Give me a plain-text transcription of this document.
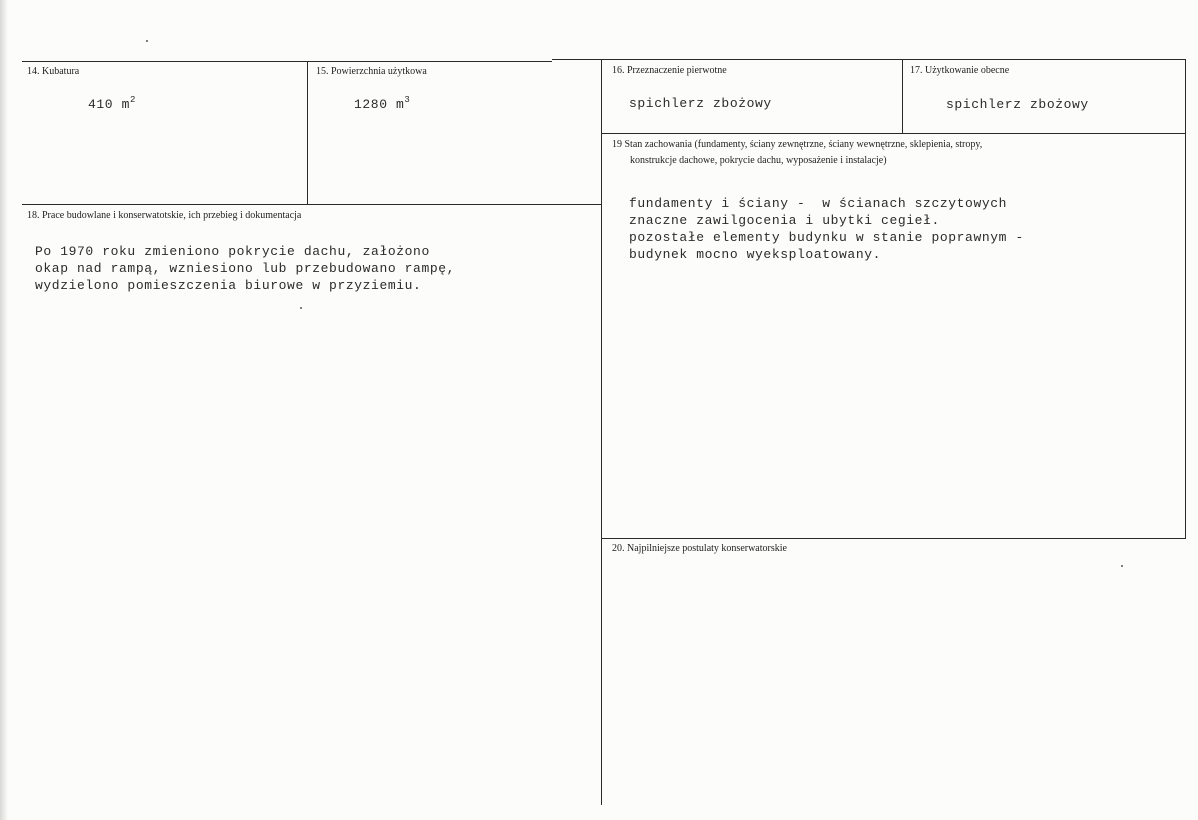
14. Kubatura
410 $m^2$
15. Powierzchnia użytkowa
1280 $m^3$
16. Przeznaczenie pierwotne
spichlerz zbożowy
17. Użytkowanie obecne
spichlerz zbożowy
18. Prace budowlane i konserwatotskie, ich przebieg i dokumentacja
Po 1970 roku zmieniono pokrycie dachu, założono
okap nad rampą, wzniesiono lub przebudowano rampę,
wydzielono pomieszczenia biurowe w przyziemiu.
19 Stan zachowania (fundamenty, ściany zewnętrzne, ściany wewnętrzne, sklepienia, stropy,
konstrukcje dachowe, pokrycie dachu, wyposażenie i instalacje)
fundamenty i ściany -  w ścianach szczytowych
znaczne zawilgocenia i ubytki cegieł.
pozostałe elementy budynku w stanie poprawnym -
budynek mocno wyeksploatowany.
20. Najpilniejsze postulaty konserwatorskie
